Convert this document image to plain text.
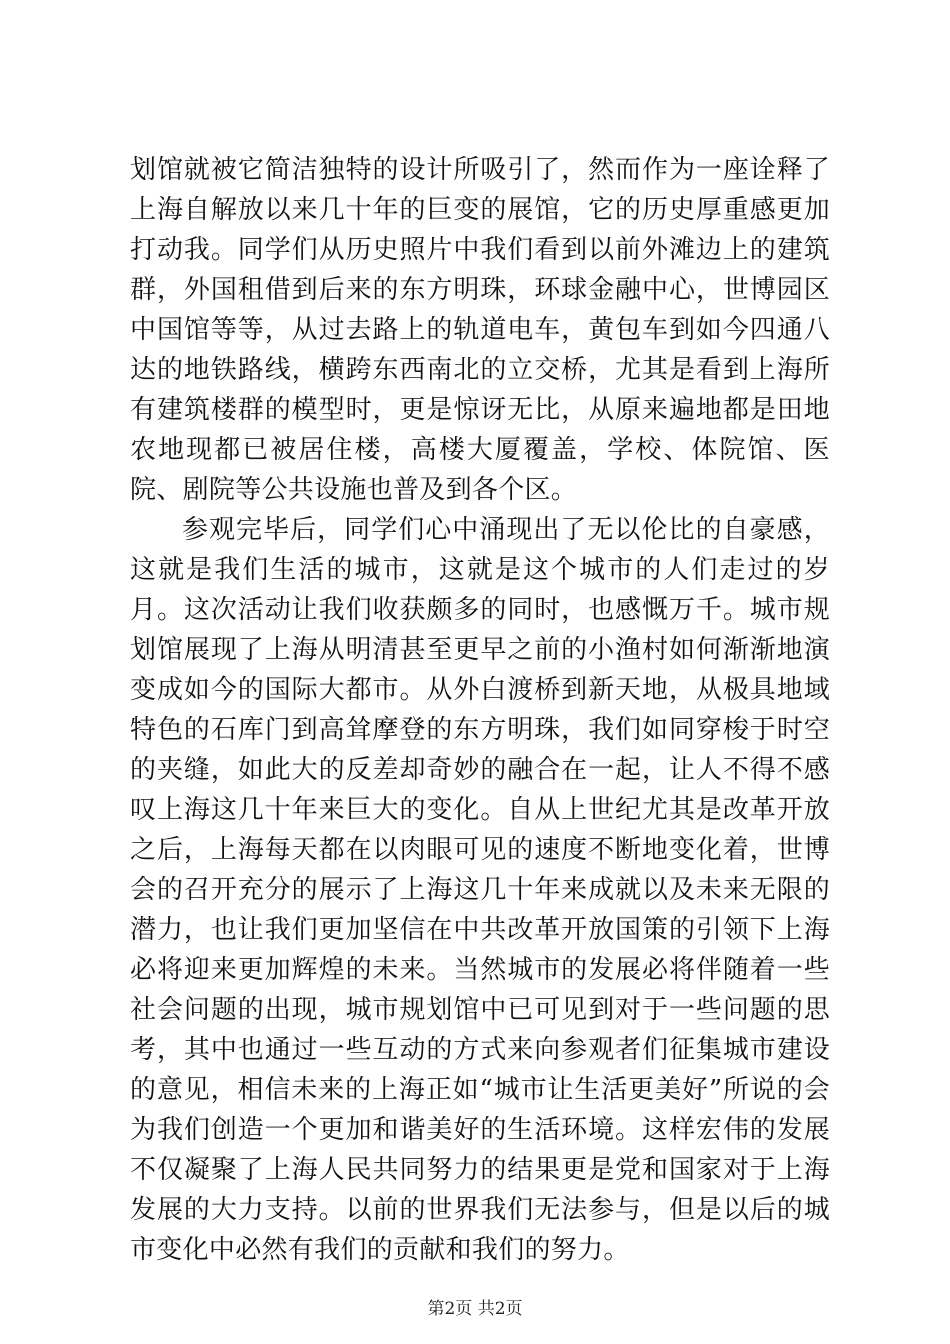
划馆就被它简洁独特的设计所吸引了，然而作为一座诠释了上海自解放以来几十年的巨变的展馆，它的历史厚重感更加打动我。同学们从历史照片中我们看到以前外滩边上的建筑群，外国租借到后来的东方明珠，环球金融中心，世博园区中国馆等等，从过去路上的轨道电车，黄包车到如今四通八达的地铁路线，横跨东西南北的立交桥，尤其是看到上海所有建筑楼群的模型时，更是惊讶无比，从原来遍地都是田地农地现都已被居住楼，高楼大厦覆盖，学校、体院馆、医院、剧院等公共设施也普及到各个区。

参观完毕后，同学们心中涌现出了无以伦比的自豪感，这就是我们生活的城市，这就是这个城市的人们走过的岁月。这次活动让我们收获颇多的同时，也感慨万千。城市规划馆展现了上海从明清甚至更早之前的小渔村如何渐渐地演变成如今的国际大都市。从外白渡桥到新天地，从极具地域特色的石库门到高耸摩登的东方明珠，我们如同穿梭于时空的夹缝，如此大的反差却奇妙的融合在一起，让人不得不感叹上海这几十年来巨大的变化。自从上世纪尤其是改革开放之后，上海每天都在以肉眼可见的速度不断地变化着，世博会的召开充分的展示了上海这几十年来成就以及未来无限的潜力，也让我们更加坚信在中共改革开放国策的引领下上海必将迎来更加辉煌的未来。当然城市的发展必将伴随着一些社会问题的出现，城市规划馆中已可见到对于一些问题的思考，其中也通过一些互动的方式来向参观者们征集城市建设的意见，相信未来的上海正如“城市让生活更美好”所说的会为我们创造一个更加和谐美好的生活环境。这样宏伟的发展不仅凝聚了上海人民共同努力的结果更是党和国家对于上海发展的大力支持。以前的世界我们无法参与，但是以后的城市变化中必然有我们的贡献和我们的努力。

第2页 共2页
